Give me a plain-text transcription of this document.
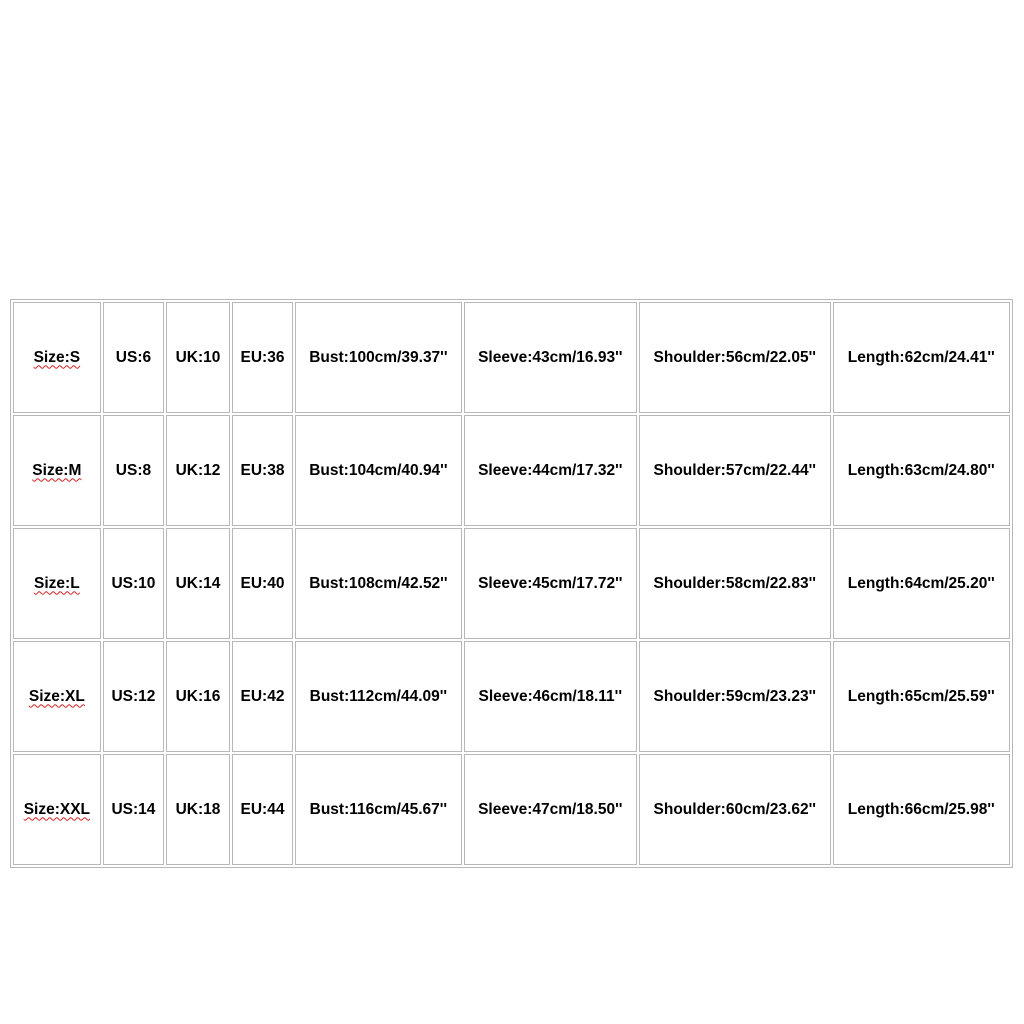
Size:S	US:6	UK:10	EU:36	Bust:100cm/39.37''	Sleeve:43cm/16.93''	Shoulder:56cm/22.05''	Length:62cm/24.41''
Size:M	US:8	UK:12	EU:38	Bust:104cm/40.94''	Sleeve:44cm/17.32''	Shoulder:57cm/22.44''	Length:63cm/24.80''
Size:L	US:10	UK:14	EU:40	Bust:108cm/42.52''	Sleeve:45cm/17.72''	Shoulder:58cm/22.83''	Length:64cm/25.20''
Size:XL	US:12	UK:16	EU:42	Bust:112cm/44.09''	Sleeve:46cm/18.11''	Shoulder:59cm/23.23''	Length:65cm/25.59''
Size:XXL	US:14	UK:18	EU:44	Bust:116cm/45.67''	Sleeve:47cm/18.50''	Shoulder:60cm/23.62''	Length:66cm/25.98''
